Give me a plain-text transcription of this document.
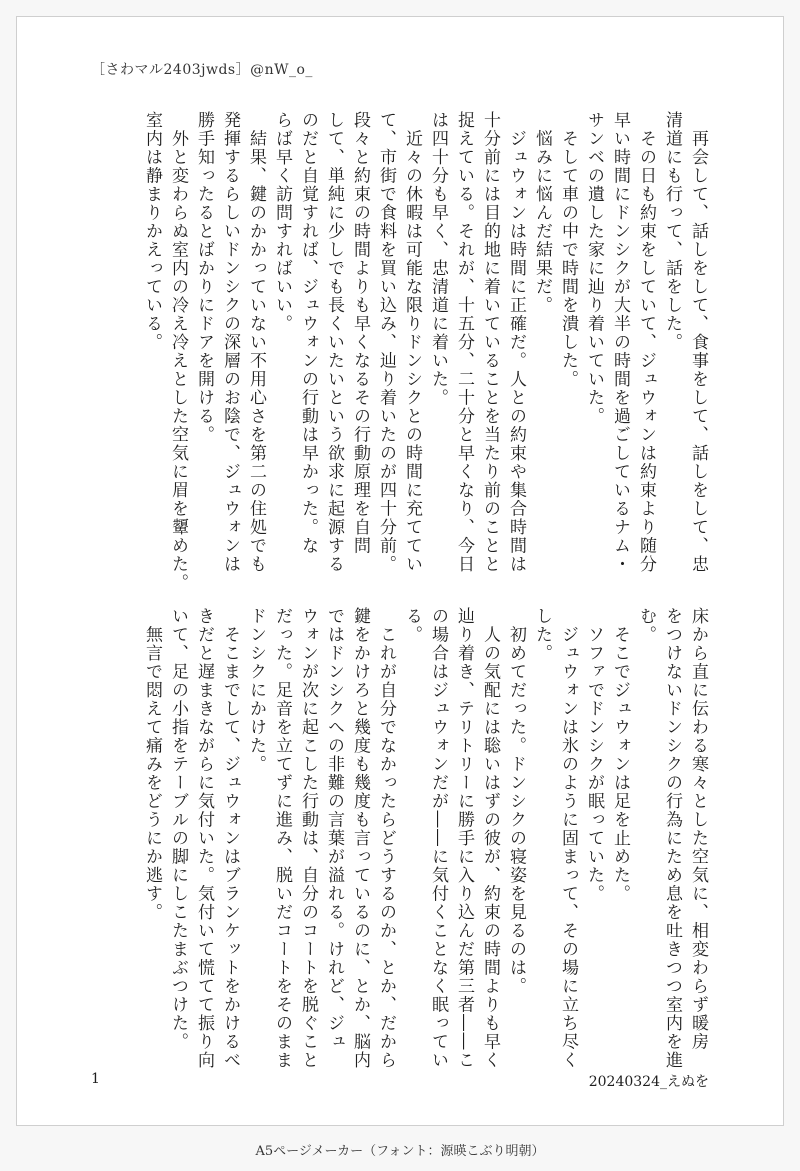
［さわマル2403jwds］@nW_o_
　再会して、話しをして、食事をして、話しをして、忠
清道にも行って、話をした。
　その日も約束をしていて、ジュウォンは約束より随分
早い時間にドンシクが大半の時間を過ごしているナム・
サンベの遺した家に辿り着いていた。
　そして車の中で時間を潰した。
　悩みに悩んだ結果だ。
　ジュウォンは時間に正確だ。人との約束や集合時間は
十分前には目的地に着いていることを当たり前のことと
捉えている。それが、十五分、二十分と早くなり、今日
は四十分も早く、忠清道に着いた。
　近々の休暇は可能な限りドンシクとの時間に充ててい
て、市街で食料を買い込み、辿り着いたのが四十分前。
段々と約束の時間よりも早くなるその行動原理を自問
して、単純に少しでも長くいたいという欲求に起源する
のだと自覚すれば、ジュウォンの行動は早かった。な
らば早く訪問すればいい。
　結果、鍵のかかっていない不用心さを第二の住処でも
発揮するらしいドンシクの深層のお陰で、ジュウォンは
勝手知ったるとばかりにドアを開ける。
　外と変わらぬ室内の冷え冷えとした空気に眉を顰めた。
室内は静まりかえっている。
床から直に伝わる寒々とした空気に、相変わらず暖房
をつけないドンシクの行為にため息を吐きつつ室内を進
む。
　そこでジュウォンは足を止めた。
　ソファでドンシクが眠っていた。
　ジュウォンは氷のように固まって、その場に立ち尽く
した。
　初めてだった。ドンシクの寝姿を見るのは。
　人の気配には聡いはずの彼が、約束の時間よりも早く
辿り着き、テリトリーに勝手に入り込んだ第三者――こ
の場合はジュウォンだが――に気付くことなく眠ってい
る。
　これが自分でなかったらどうするのか、とか、だから
鍵をかけろと幾度も幾度も言っているのに、とか、脳内
ではドンシクへの非難の言葉が溢れる。けれど、ジュ
ウォンが次に起こした行動は、自分のコートを脱ぐこと
だった。足音を立てずに進み、脱いだコートをそのまま
ドンシクにかけた。
　そこまでして、ジュウォンはブランケットをかけるべ
きだと遅まきながらに気付いた。気付いて慌てて振り向
いて、足の小指をテーブルの脚にしこたまぶつけた。
　無言で悶えて痛みをどうにか逃す。
1	20240324_えぬを
A5ページメーカー（フォント：源暎こぶり明朝）
